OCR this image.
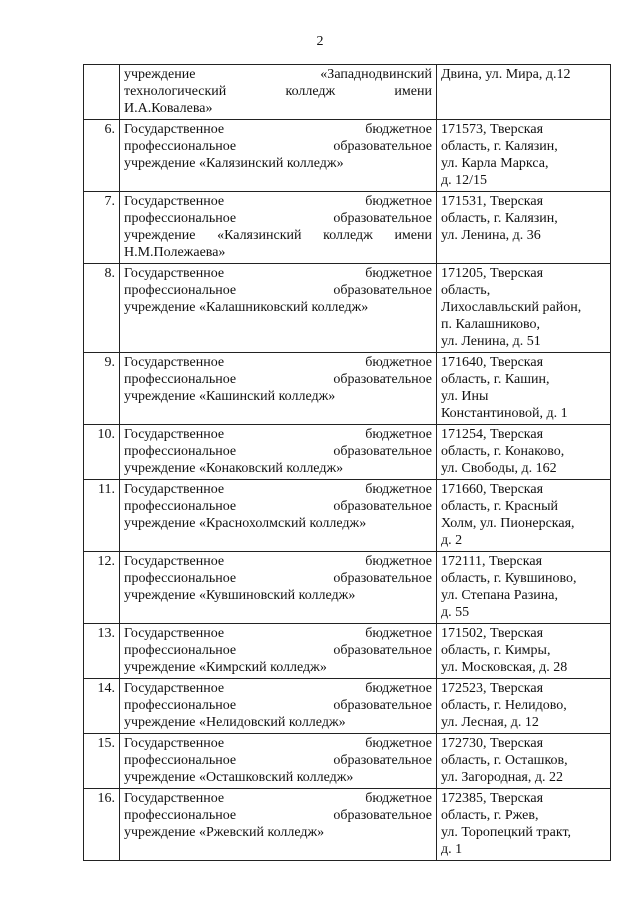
2

	учреждение «Западнодвинский
технологический колледж имени
И.А.Ковалева»	Двина, ул. Мира, д.12

6.	Государственное бюджетное
профессиональное образовательное
учреждение «Калязинский колледж»	171573, Тверская
область, г. Калязин,
ул. Карла Маркса,
д. 12/15

7.	Государственное бюджетное
профессиональное образовательное
учреждение «Калязинский колледж имени
Н.М.Полежаева»	171531, Тверская
область, г. Калязин,
ул. Ленина, д. 36

8.	Государственное бюджетное
профессиональное образовательное
учреждение «Калашниковский колледж»	171205, Тверская
область,
Лихославльский район,
п. Калашниково,
ул. Ленина, д. 51

9.	Государственное бюджетное
профессиональное образовательное
учреждение «Кашинский колледж»	171640, Тверская
область, г. Кашин,
ул. Ины
Константиновой, д. 1

10.	Государственное бюджетное
профессиональное образовательное
учреждение «Конаковский колледж»	171254, Тверская
область, г. Конаково,
ул. Свободы, д. 162

11.	Государственное бюджетное
профессиональное образовательное
учреждение «Краснохолмский колледж»	171660, Тверская
область, г. Красный
Холм, ул. Пионерская,
д. 2

12.	Государственное бюджетное
профессиональное образовательное
учреждение «Кувшиновский колледж»	172111, Тверская
область, г. Кувшиново,
ул. Степана Разина,
д. 55

13.	Государственное бюджетное
профессиональное образовательное
учреждение «Кимрский колледж»	171502, Тверская
область, г. Кимры,
ул. Московская, д. 28

14.	Государственное бюджетное
профессиональное образовательное
учреждение «Нелидовский колледж»	172523, Тверская
область, г. Нелидово,
ул. Лесная, д. 12

15.	Государственное бюджетное
профессиональное образовательное
учреждение «Осташковский колледж»	172730, Тверская
область, г. Осташков,
ул. Загородная, д. 22

16.	Государственное бюджетное
профессиональное образовательное
учреждение «Ржевский колледж»	172385, Тверская
область, г. Ржев,
ул. Торопецкий тракт,
д. 1
